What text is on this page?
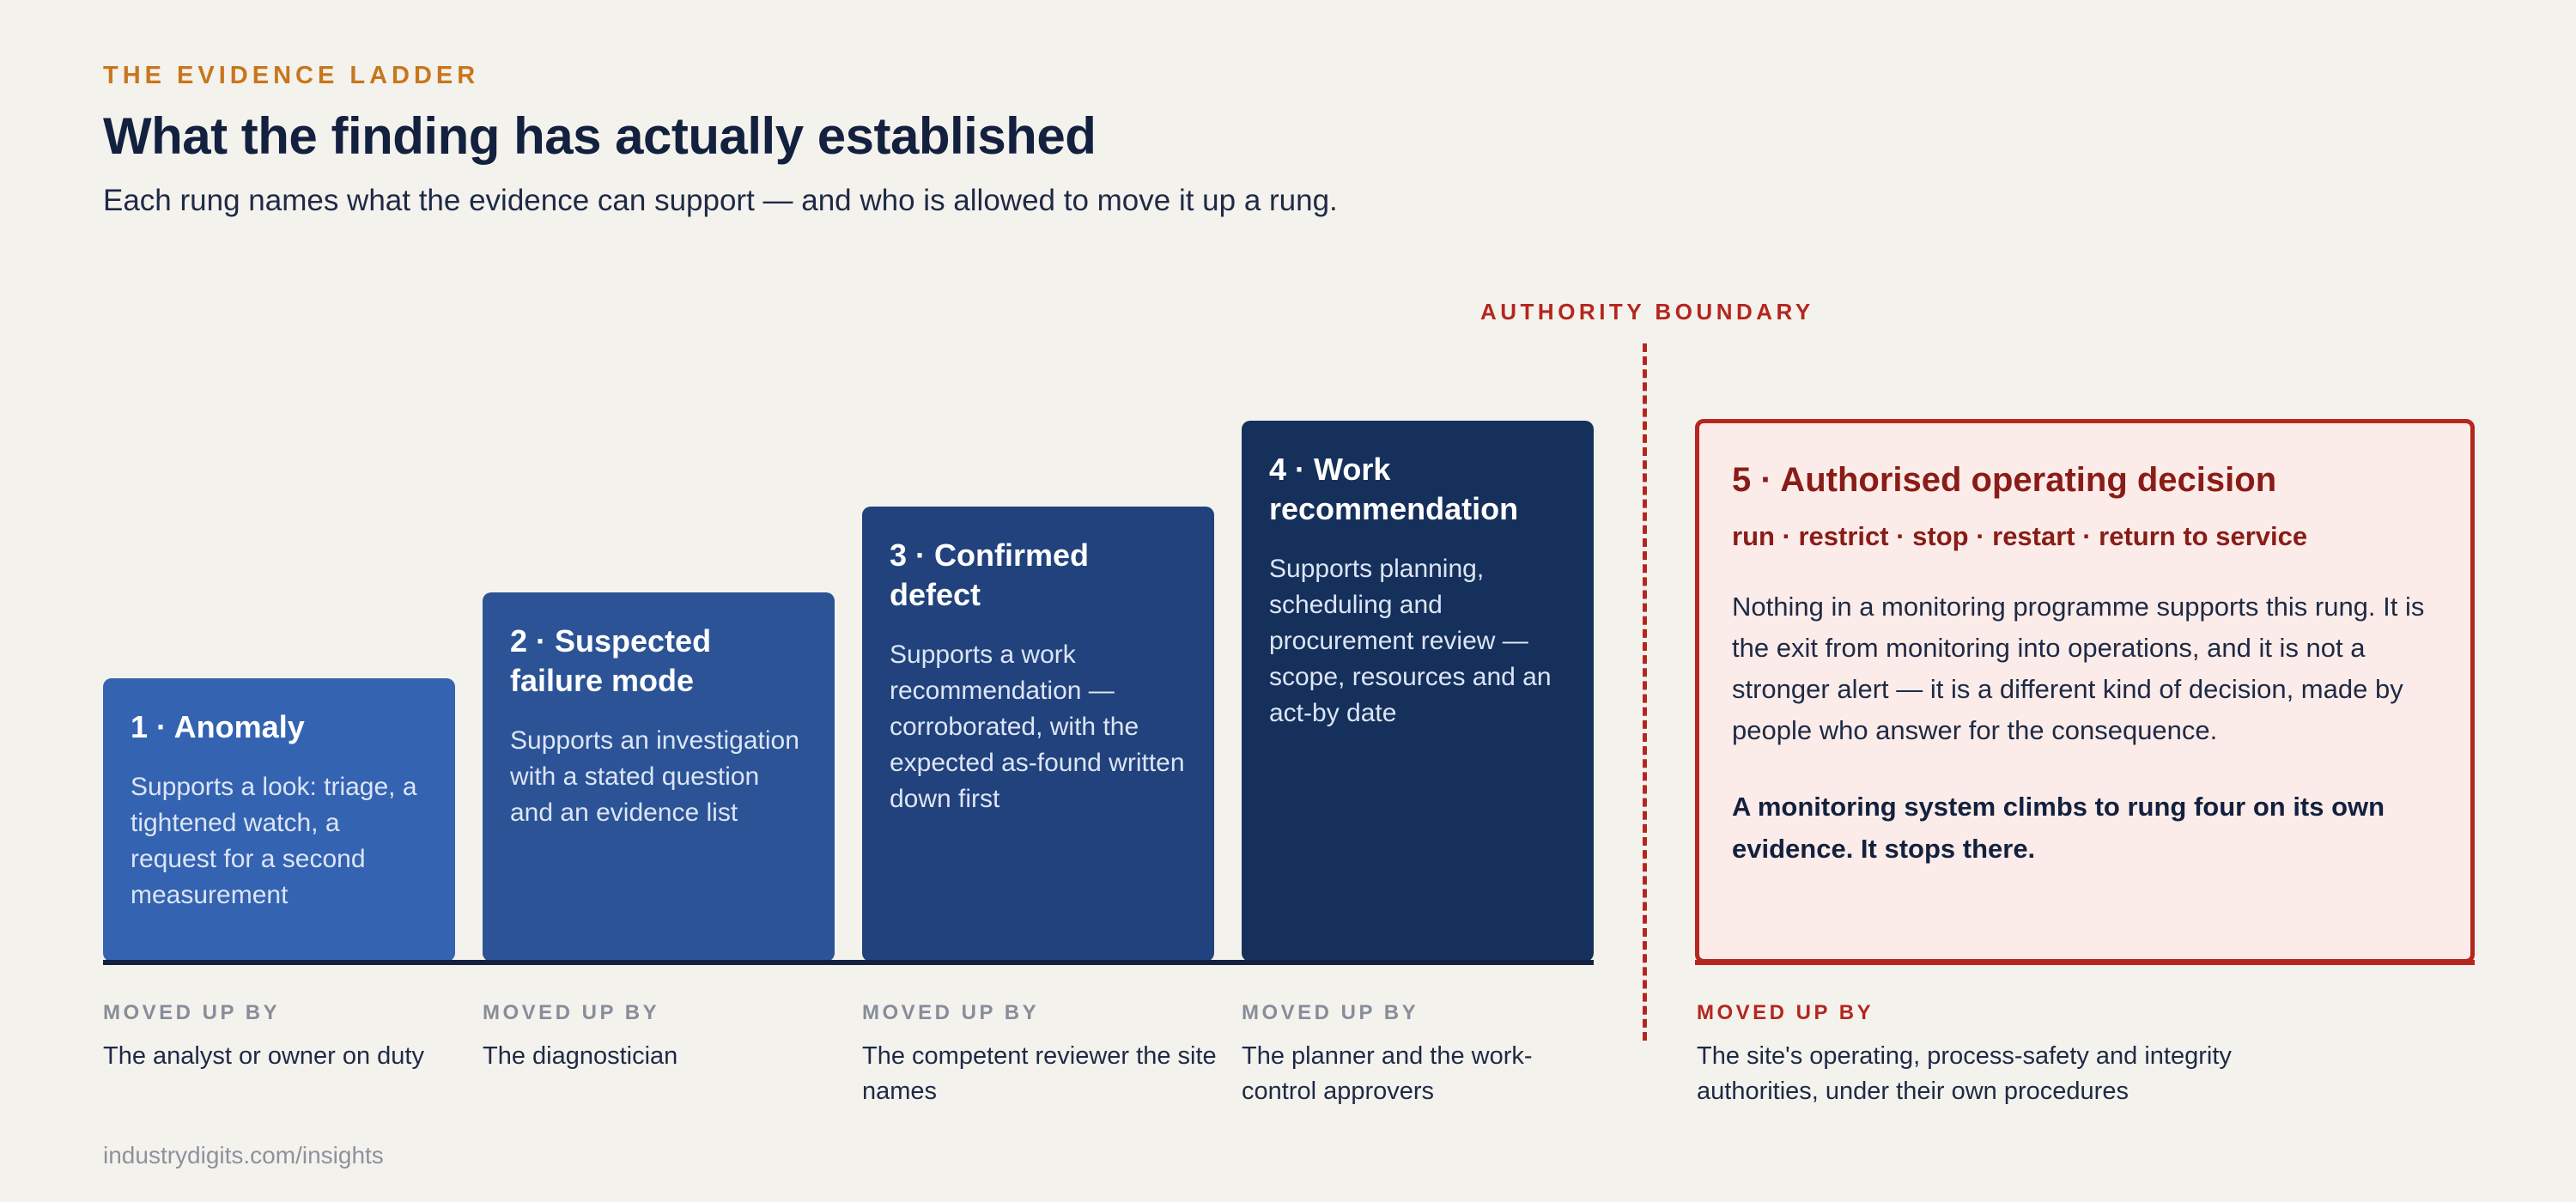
THE EVIDENCE LADDER
What the finding has actually established
Each rung names what the evidence can support — and who is allowed to move it up a rung.
1 · Anomaly
Supports a look: triage, a tightened watch, a request for a second measurement
2 · Suspected failure mode
Supports an investigation with a stated question and an evidence list
3 · Confirmed defect
Supports a work recommendation — corroborated, with the expected as-found written down first
4 · Work recommendation
Supports planning, scheduling and procurement review — scope, resources and an act-by date
AUTHORITY BOUNDARY
5 · Authorised operating decision
run · restrict · stop · restart · return to service
Nothing in a monitoring programme supports this rung. It is the exit from monitoring into operations, and it is not a stronger alert — it is a different kind of decision, made by people who answer for the consequence.
A monitoring system climbs to rung four on its own evidence. It stops there.
MOVED UP BY
The analyst or owner on duty
MOVED UP BY
The diagnostician
MOVED UP BY
The competent reviewer the site names
MOVED UP BY
The planner and the work-control approvers
MOVED UP BY
The site's operating, process-safety and integrity authorities, under their own procedures
industrydigits.com/insights
